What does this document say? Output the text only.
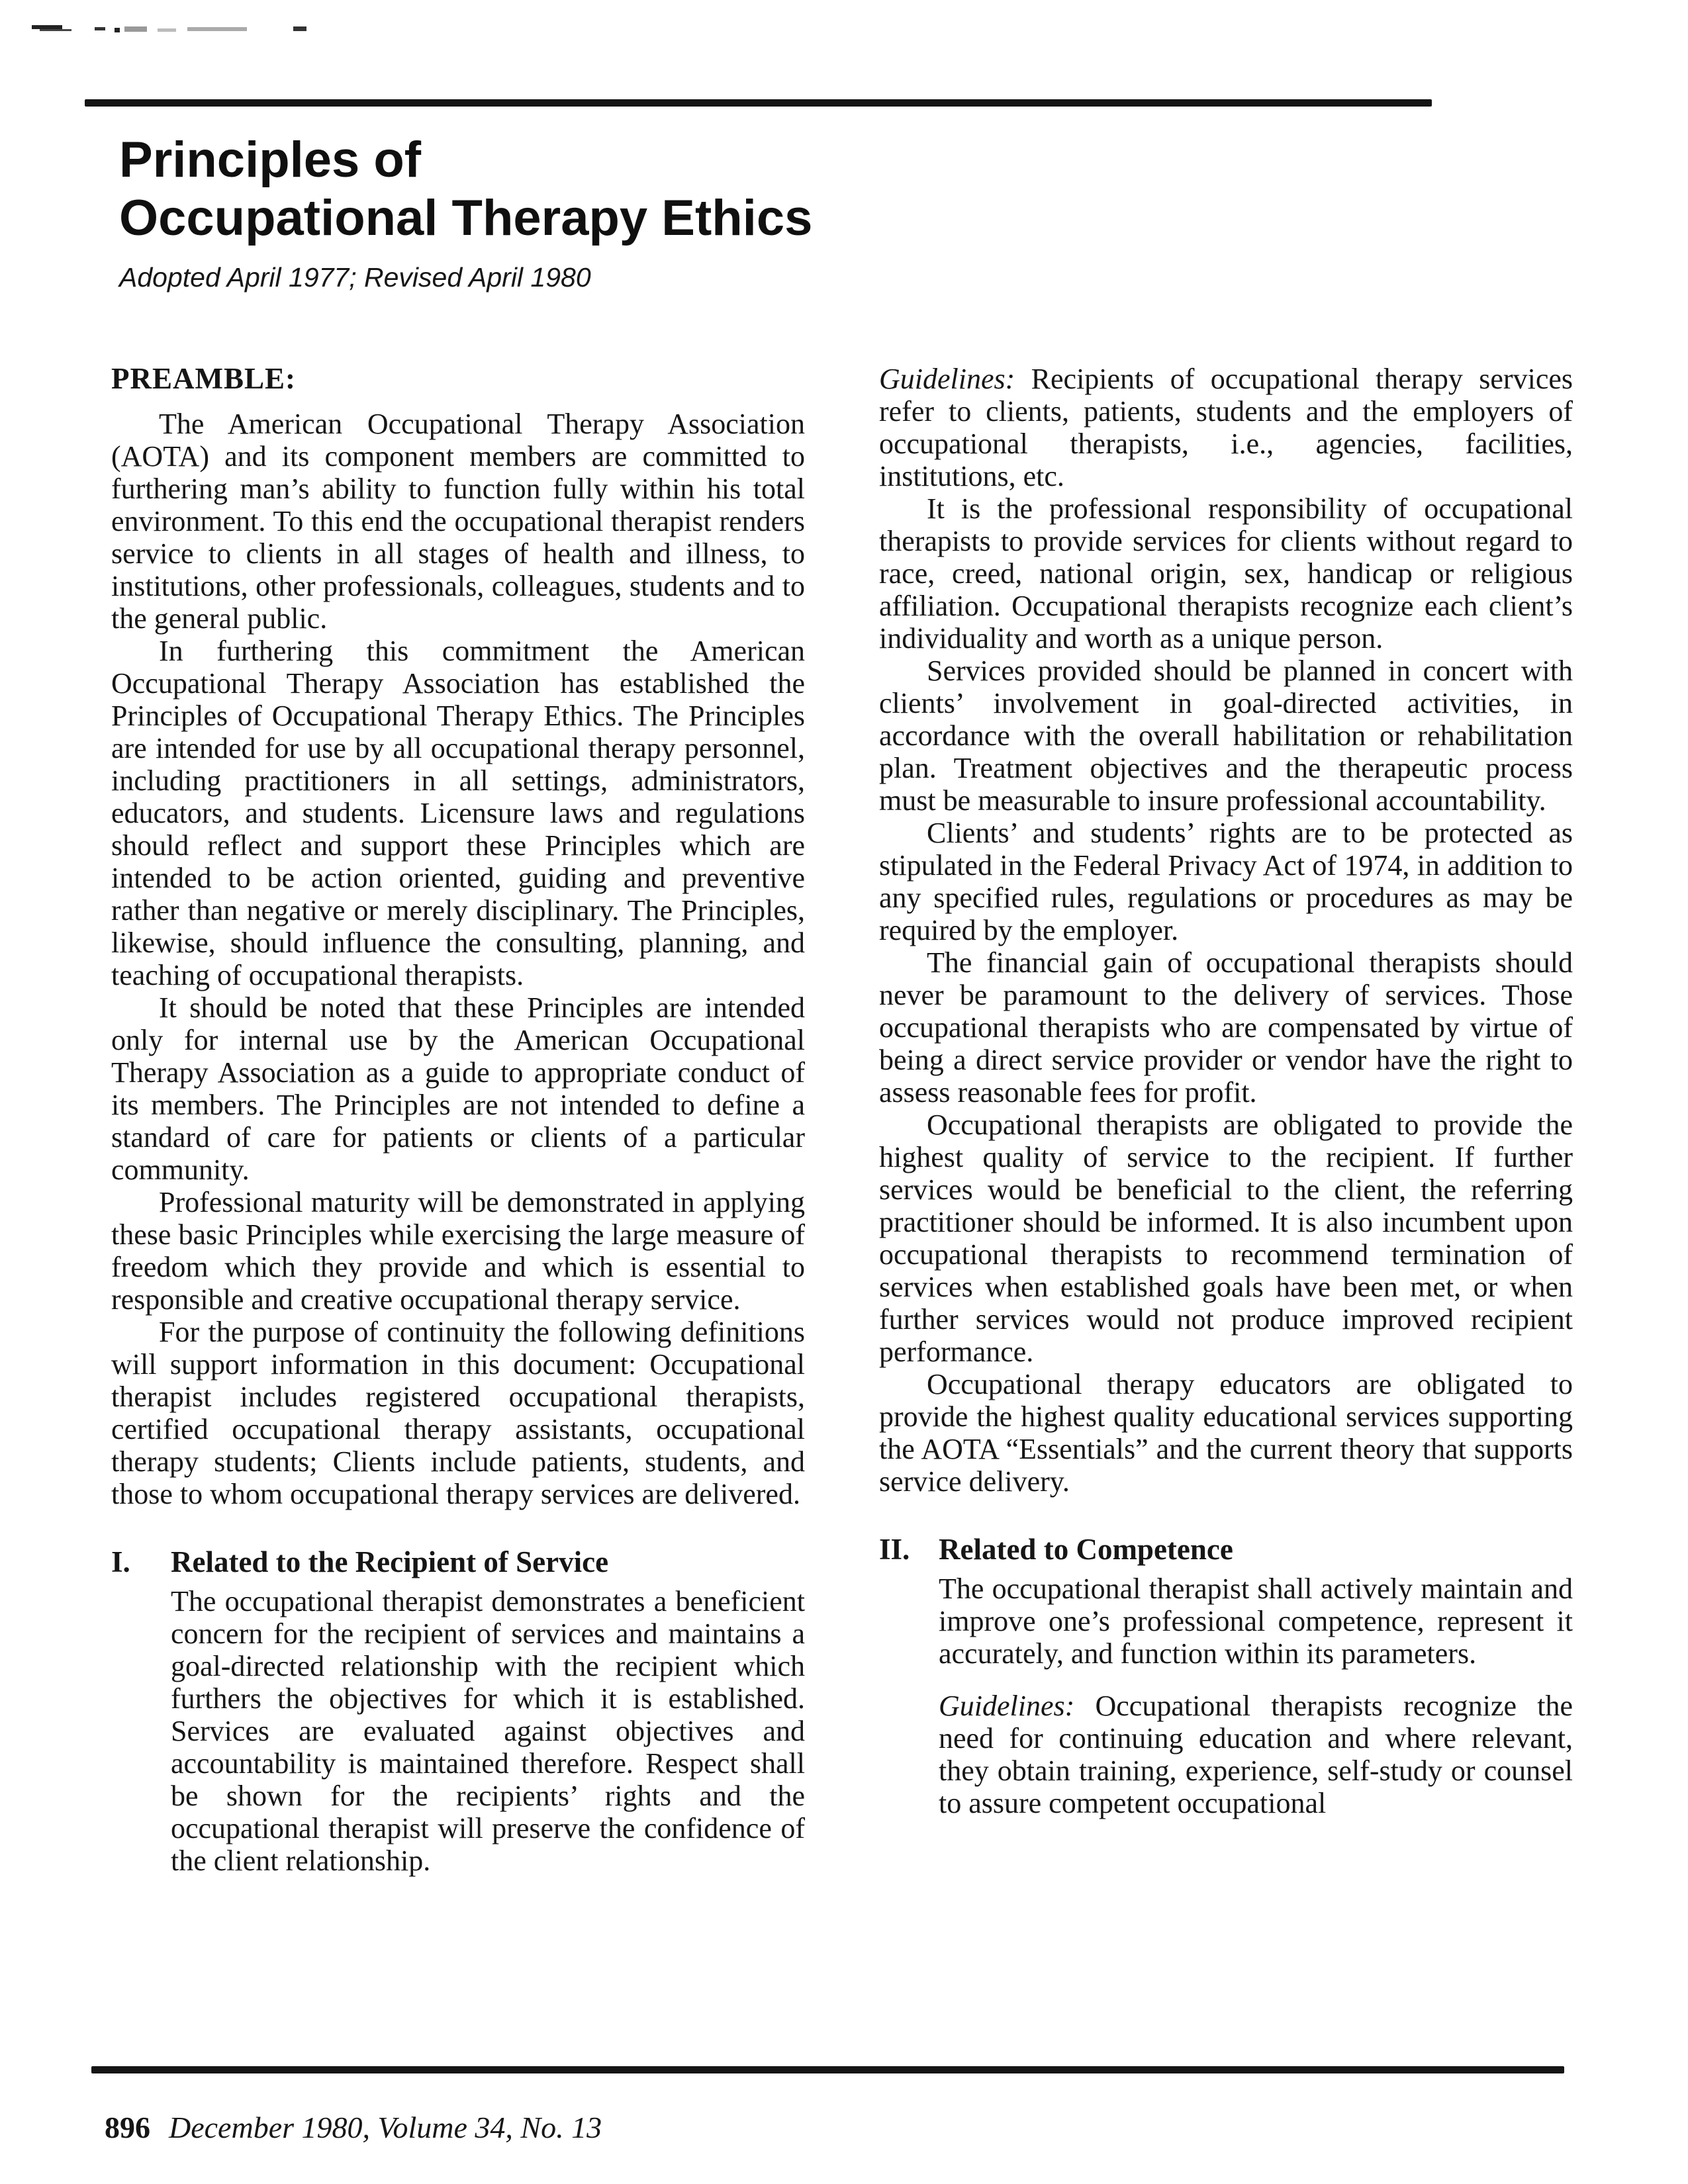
Principles of
Occupational Therapy Ethics
Adopted April 1977; Revised April 1980

PREAMBLE:

The American Occupational Therapy Association (AOTA) and its component members are committed to furthering man’s ability to function fully within his total environment. To this end the occupational therapist renders service to clients in all stages of health and illness, to institutions, other professionals, colleagues, students and to the general public.

In furthering this commitment the American Occupational Therapy Association has established the Principles of Occupational Therapy Ethics. The Principles are intended for use by all occupational therapy personnel, including practitioners in all settings, administrators, educators, and students. Licensure laws and regulations should reflect and support these Principles which are intended to be action oriented, guiding and preventive rather than negative or merely disciplinary. The Principles, likewise, should influence the consulting, planning, and teaching of occupational therapists.

It should be noted that these Principles are intended only for internal use by the American Occupational Therapy Association as a guide to appropriate conduct of its members. The Principles are not intended to define a standard of care for patients or clients of a particular community.

Professional maturity will be demonstrated in applying these basic Principles while exercising the large measure of freedom which they provide and which is essential to responsible and creative occupational therapy service.

For the purpose of continuity the following definitions will support information in this document: Occupational therapist includes registered occupational therapists, certified occupational therapy assistants, occupational therapy students; Clients include patients, students, and those to whom occupational therapy services are delivered.

I. Related to the Recipient of Service

The occupational therapist demonstrates a beneficient concern for the recipient of services and maintains a goal-directed relationship with the recipient which furthers the objectives for which it is established. Services are evaluated against objectives and accountability is maintained therefore. Respect shall be shown for the recipients’ rights and the occupational therapist will preserve the confidence of the client relationship.

Guidelines: Recipients of occupational therapy services refer to clients, patients, students and the employers of occupational therapists, i.e., agencies, facilities, institutions, etc.

It is the professional responsibility of occupational therapists to provide services for clients without regard to race, creed, national origin, sex, handicap or religious affiliation. Occupational therapists recognize each client’s individuality and worth as a unique person.

Services provided should be planned in concert with clients’ involvement in goal-directed activities, in accordance with the overall habilitation or rehabilitation plan. Treatment objectives and the therapeutic process must be measurable to insure professional accountability.

Clients’ and students’ rights are to be protected as stipulated in the Federal Privacy Act of 1974, in addition to any specified rules, regulations or procedures as may be required by the employer.

The financial gain of occupational therapists should never be paramount to the delivery of services. Those occupational therapists who are compensated by virtue of being a direct service provider or vendor have the right to assess reasonable fees for profit.

Occupational therapists are obligated to provide the highest quality of service to the recipient. If further services would be beneficial to the client, the referring practitioner should be informed. It is also incumbent upon occupational therapists to recommend termination of services when established goals have been met, or when further services would not produce improved recipient performance.

Occupational therapy educators are obligated to provide the highest quality educational services supporting the AOTA “Essentials” and the current theory that supports service delivery.

II. Related to Competence

The occupational therapist shall actively maintain and improve one’s professional competence, represent it accurately, and function within its parameters.

Guidelines: Occupational therapists recognize the need for continuing education and where relevant, they obtain training, experience, self-study or counsel to assure competent occupational

896 December 1980, Volume 34, No. 13
